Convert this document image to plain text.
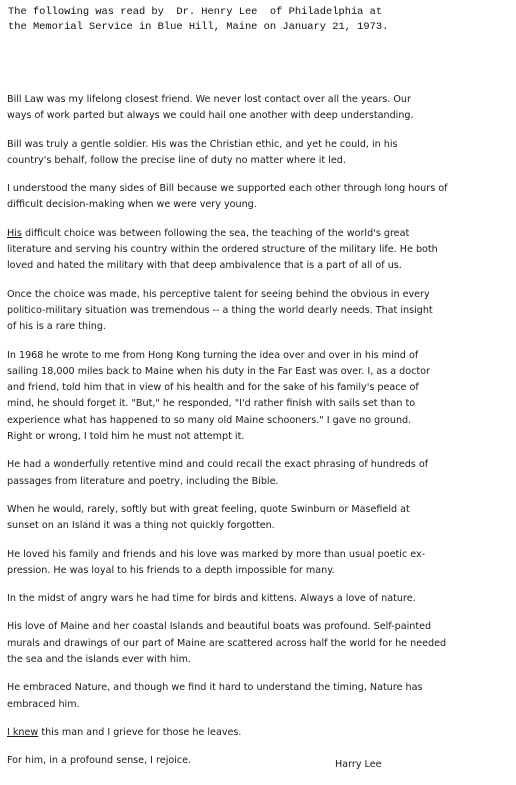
The following was read by  Dr. Henry Lee  of Philadelphia at
the Memorial Service in Blue Hill, Maine on January 21, 1973.

Bill Law was my lifelong closest friend. We never lost contact over all the years. Our
ways of work parted but always we could hail one another with deep understanding.

Bill was truly a gentle soldier. His was the Christian ethic, and yet he could, in his
country's behalf, follow the precise line of duty no matter where it led.

I understood the many sides of Bill because we supported each other through long hours of
difficult decision-making when we were very young.

His difficult choice was between following the sea, the teaching of the world's great
literature and serving his country within the ordered structure of the military life. He both
loved and hated the military with that deep ambivalence that is a part of all of us.

Once the choice was made, his perceptive talent for seeing behind the obvious in every
politico-military situation was tremendous -- a thing the world dearly needs. That insight
of his is a rare thing.

In 1968 he wrote to me from Hong Kong turning the idea over and over in his mind of
sailing 18,000 miles back to Maine when his duty in the Far East was over. I, as a doctor
and friend, told him that in view of his health and for the sake of his family's peace of
mind, he should forget it. "But," he responded, "I'd rather finish with sails set than to
experience what has happened to so many old Maine schooners." I gave no ground.
Right or wrong, I told him he must not attempt it.

He had a wonderfully retentive mind and could recall the exact phrasing of hundreds of
passages from literature and poetry, including the Bible.

When he would, rarely, softly but with great feeling, quote Swinburn or Masefield at
sunset on an Island it was a thing not quickly forgotten.

He loved his family and friends and his love was marked by more than usual poetic ex-
pression. He was loyal to his friends to a depth impossible for many.

In the midst of angry wars he had time for birds and kittens. Always a love of nature.

His love of Maine and her coastal Islands and beautiful boats was profound. Self-painted
murals and drawings of our part of Maine are scattered across half the world for he needed
the sea and the islands ever with him.

He embraced Nature, and though we find it hard to understand the timing, Nature has
embraced him.

I knew this man and I grieve for those he leaves.

For him, in a profound sense, I rejoice.	Harry Lee
